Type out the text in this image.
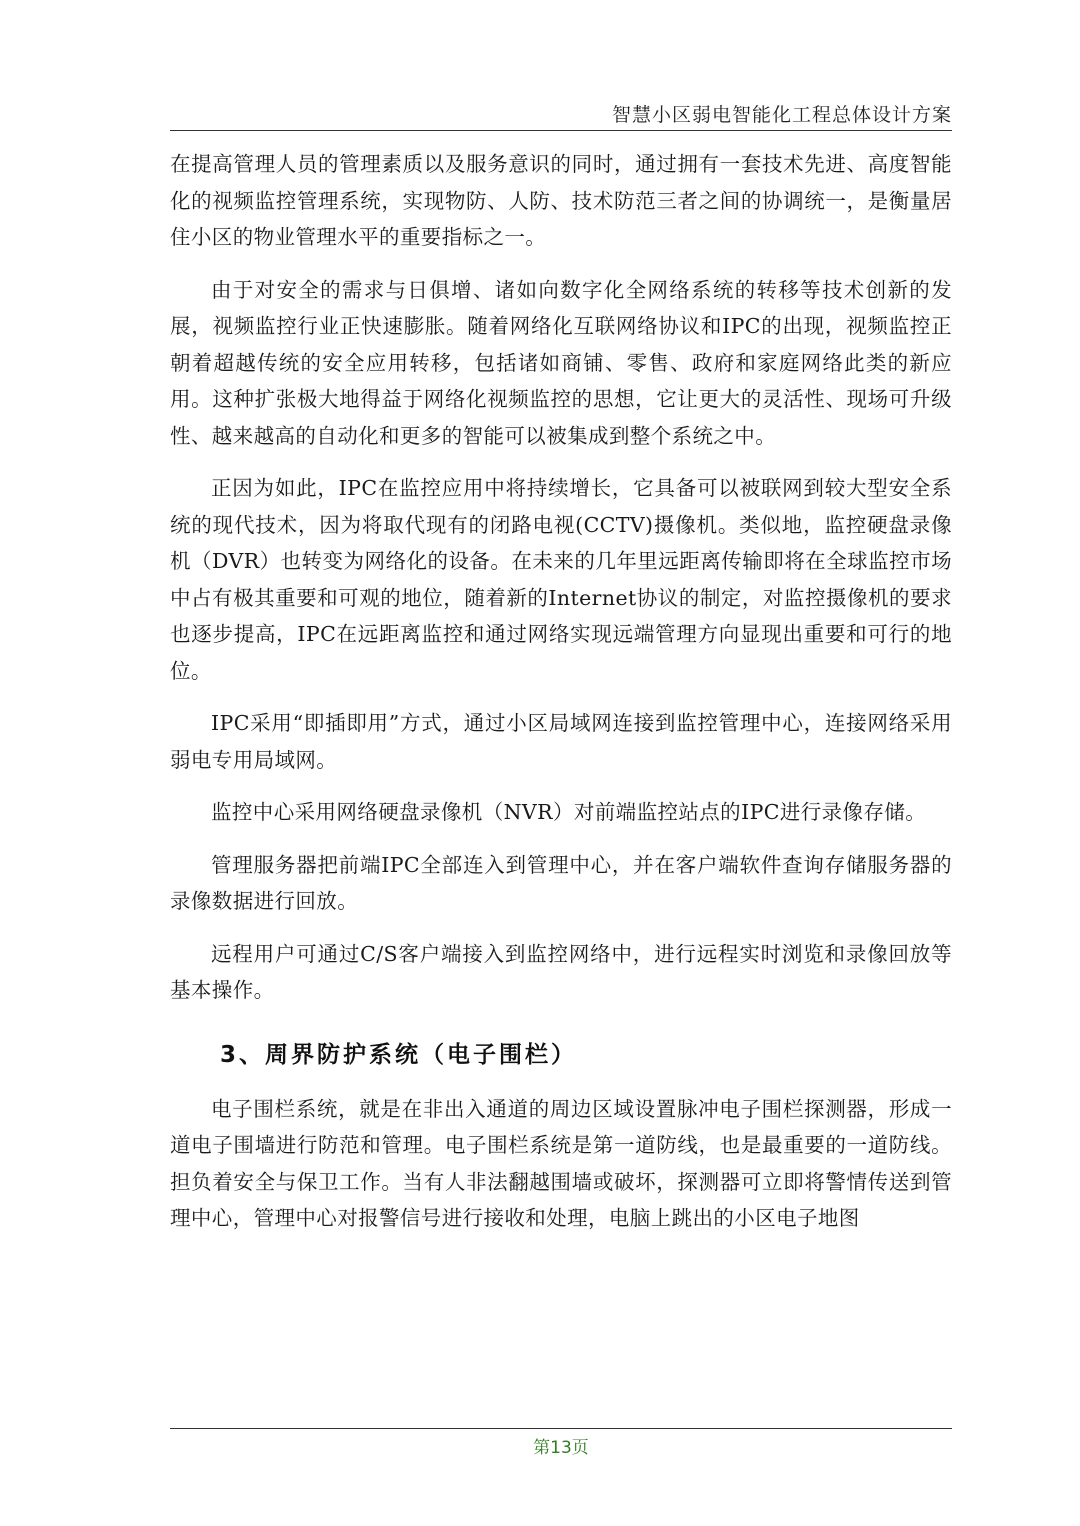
智慧小区弱电智能化工程总体设计方案

在提高管理人员的管理素质以及服务意识的同时，通过拥有一套技术先进、高度智能化的视频监控管理系统，实现物防、人防、技术防范三者之间的协调统一，是衡量居住小区的物业管理水平的重要指标之一。

由于对安全的需求与日俱增、诸如向数字化全网络系统的转移等技术创新的发展，视频监控行业正快速膨胀。随着网络化互联网络协议和IPC的出现，视频监控正朝着超越传统的安全应用转移，包括诸如商铺、零售、政府和家庭网络此类的新应用。这种扩张极大地得益于网络化视频监控的思想，它让更大的灵活性、现场可升级性、越来越高的自动化和更多的智能可以被集成到整个系统之中。

正因为如此，IPC在监控应用中将持续增长，它具备可以被联网到较大型安全系统的现代技术，因为将取代现有的闭路电视(CCTV)摄像机。类似地，监控硬盘录像机（DVR）也转变为网络化的设备。在未来的几年里远距离传输即将在全球监控市场中占有极其重要和可观的地位，随着新的Internet协议的制定，对监控摄像机的要求也逐步提高，IPC在远距离监控和通过网络实现远端管理方向显现出重要和可行的地位。

IPC采用“即插即用”方式，通过小区局域网连接到监控管理中心，连接网络采用弱电专用局域网。

监控中心采用网络硬盘录像机（NVR）对前端监控站点的IPC进行录像存储。

管理服务器把前端IPC全部连入到管理中心，并在客户端软件查询存储服务器的录像数据进行回放。

远程用户可通过C/S客户端接入到监控网络中，进行远程实时浏览和录像回放等基本操作。

3、周界防护系统（电子围栏）

电子围栏系统，就是在非出入通道的周边区域设置脉冲电子围栏探测器，形成一道电子围墙进行防范和管理。电子围栏系统是第一道防线，也是最重要的一道防线。担负着安全与保卫工作。当有人非法翻越围墙或破坏，探测器可立即将警情传送到管理中心，管理中心对报警信号进行接收和处理，电脑上跳出的小区电子地图

第13页
